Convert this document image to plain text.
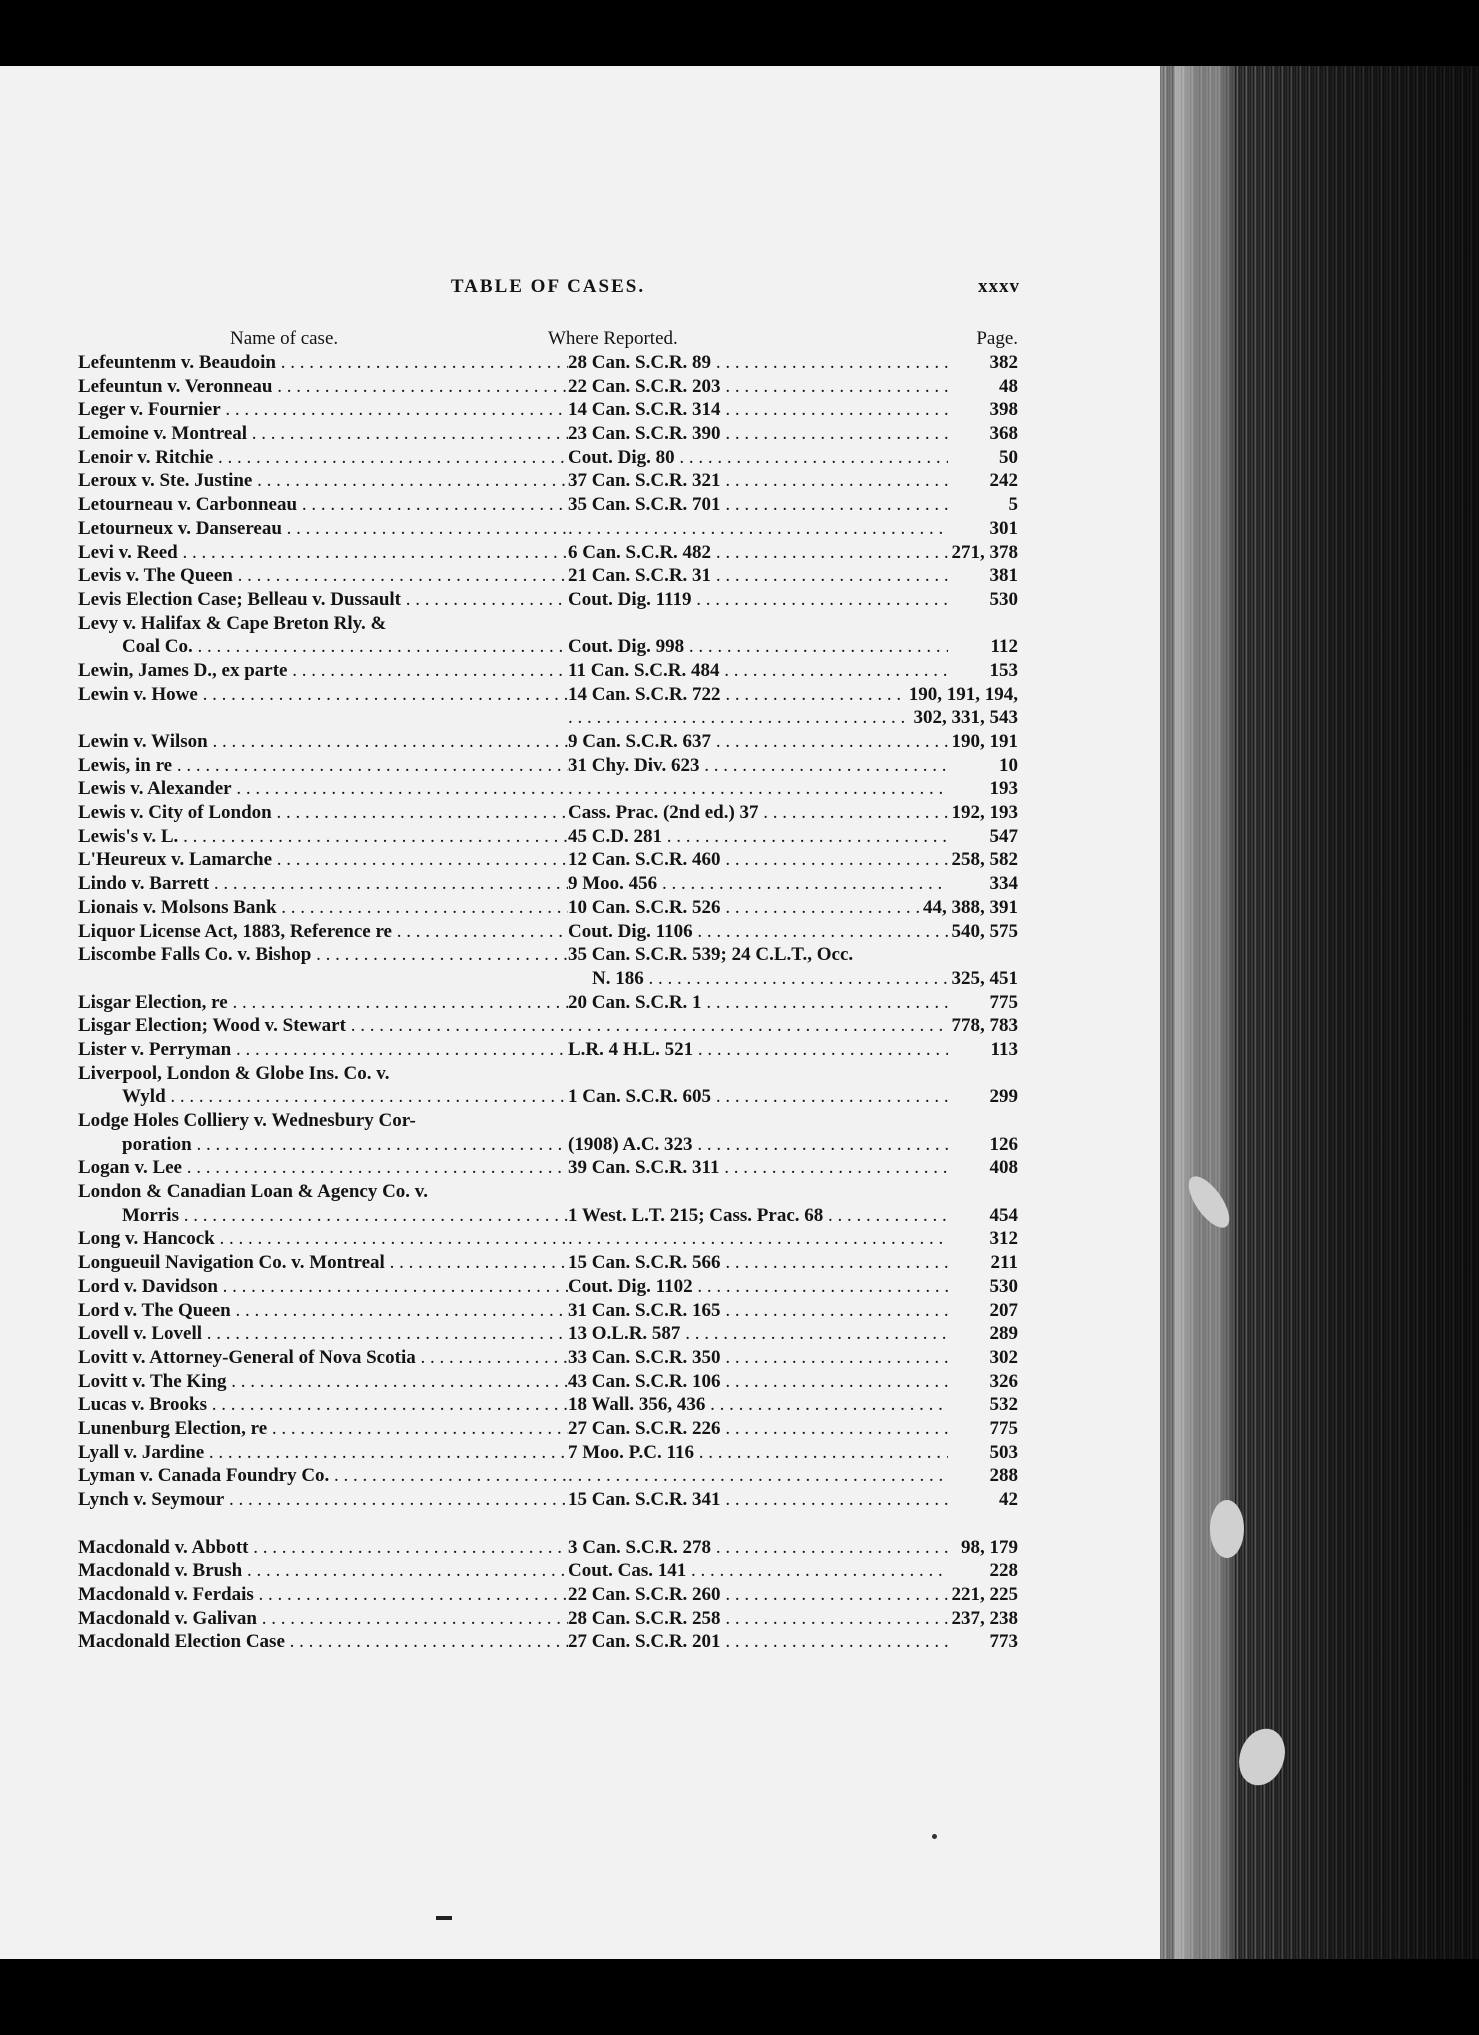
TABLE OF CASES.	xxxv
Name of case.	Where Reported.	Page.
Lefeuntenm v. Beaudoin . . .	28 Can. S.C.R. 89 . . .	382
Lefeuntun v. Veronneau . . .	22 Can. S.C.R. 203 . . .	48
Leger v. Fournier . . .	14 Can. S.C.R. 314 . . .	398
Lemoine v. Montreal . . .	23 Can. S.C.R. 390 . . .	368
Lenoir v. Ritchie . . .	Cout. Dig. 80 . . .	50
Leroux v. Ste. Justine . . .	37 Can. S.C.R. 321 . . .	242
Letourneau v. Carbonneau . . .	35 Can. S.C.R. 701 . . .	5
Letourneux v. Dansereau . . . . . .	301
Levi v. Reed . . .	6 Can. S.C.R. 482 . . .	271, 378
Levis v. The Queen . . .	21 Can. S.C.R. 31 . . .	381
Levis Election Case; Belleau v. Dussault . . .	Cout. Dig. 1119 . . .	530
Levy v. Halifax & Cape Breton Rly. &
Coal Co. . . .	Cout. Dig. 998 . . .	112
Lewin, James D., ex parte . . .	11 Can. S.C.R. 484 . . .	153
Lewin v. Howe . . .	14 Can. S.C.R. 722 . . .	190, 191, 194,
. . .
302, 331, 543
Lewin v. Wilson . . .	9 Can. S.C.R. 637 . . .	190, 191
Lewis, in re . . .	31 Chy. Div. 623 . . .	10
Lewis v. Alexander . . . . . .	193
Lewis v. City of London . . .	Cass. Prac. (2nd ed.) 37 . . .	192, 193
Lewis's v. L. . . .	45 C.D. 281 . . .	547
L'Heureux v. Lamarche . . .	12 Can. S.C.R. 460 . . .	258, 582
Lindo v. Barrett . . .	9 Moo. 456 . . .	334
Lionais v. Molsons Bank . . .	10 Can. S.C.R. 526 . . .	44, 388, 391
Liquor License Act, 1883, Reference re . . .	Cout. Dig. 1106 . . .	540, 575
Liscombe Falls Co. v. Bishop . . .	35 Can. S.C.R. 539; 24 C.L.T., Occ.
N. 186 . . .	325, 451
Lisgar Election, re . . .	20 Can. S.C.R. 1 . . .	775
Lisgar Election; Wood v. Stewart . . . . . .	778, 783
Lister v. Perryman . . .	L.R. 4 H.L. 521 . . .	113
Liverpool, London & Globe Ins. Co. v.
Wyld . . .	1 Can. S.C.R. 605 . . .	299
Lodge Holes Colliery v. Wednesbury Cor-
poration . . .	(1908) A.C. 323 . . .	126
Logan v. Lee . . .	39 Can. S.C.R. 311 . . .	408
London & Canadian Loan & Agency Co. v.
Morris . . .	1 West. L.T. 215; Cass. Prac. 68 . . .	454
Long v. Hancock . . . . . .	312
Longueuil Navigation Co. v. Montreal . . .	15 Can. S.C.R. 566 . . .	211
Lord v. Davidson . . .	Cout. Dig. 1102 . . .	530
Lord v. The Queen . . .	31 Can. S.C.R. 165 . . .	207
Lovell v. Lovell . . .	13 O.L.R. 587 . . .	289
Lovitt v. Attorney-General of Nova Scotia . . .	33 Can. S.C.R. 350 . . .	302
Lovitt v. The King . . .	43 Can. S.C.R. 106 . . .	326
Lucas v. Brooks . . .	18 Wall. 356, 436 . . .	532
Lunenburg Election, re . . .	27 Can. S.C.R. 226 . . .	775
Lyall v. Jardine . . .	7 Moo. P.C. 116 . . .	503
Lyman v. Canada Foundry Co. . . . . . .	288
Lynch v. Seymour . . .	15 Can. S.C.R. 341 . . .	42
Macdonald v. Abbott . . .	3 Can. S.C.R. 278 . . .	98, 179
Macdonald v. Brush . . .	Cout. Cas. 141 . . .	228
Macdonald v. Ferdais . . .	22 Can. S.C.R. 260 . . .	221, 225
Macdonald v. Galivan . . .	28 Can. S.C.R. 258 . . .	237, 238
Macdonald Election Case . . .	27 Can. S.C.R. 201 . . .	773
